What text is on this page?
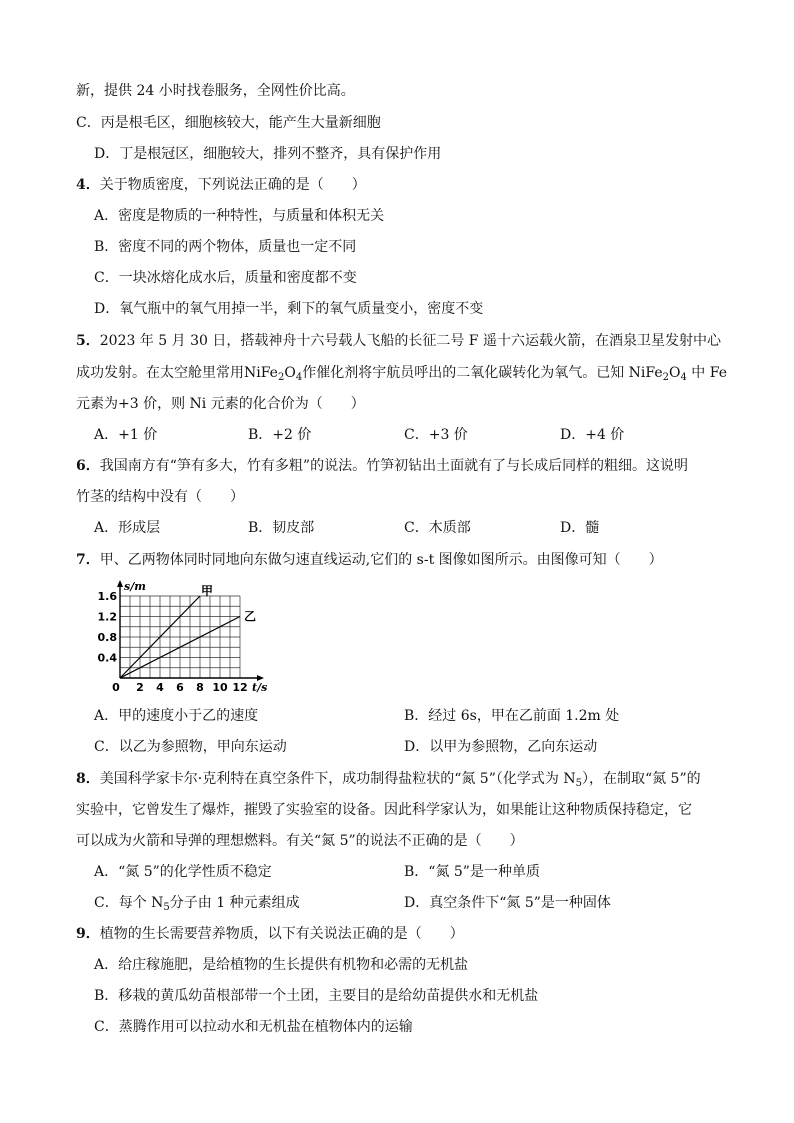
新，提供 24 小时找卷服务，全网性价比高。
C．丙是根毛区，细胞核较大，能产生大量新细胞
D．丁是根冠区，细胞较大，排列不整齐，具有保护作用
4．关于物质密度，下列说法正确的是（　　）
A．密度是物质的一种特性，与质量和体积无关
B．密度不同的两个物体，质量也一定不同
C．一块冰熔化成水后，质量和密度都不变
D．氧气瓶中的氧气用掉一半，剩下的氧气质量变小，密度不变
5．2023 年 5 月 30 日，搭载神舟十六号载人飞船的长征二号 F 遥十六运载火箭，在酒泉卫星发射中心
成功发射。在太空舱里常用$NiFe_2O_4$作催化剂将宇航员呼出的二氧化碳转化为氧气。已知 $NiFe_2O_4$ 中 Fe
元素为+3 价，则 Ni 元素的化合价为（　　）
A．+1 价	B．+2 价	C．+3 价	D．+4 价
6．我国南方有“笋有多大，竹有多粗”的说法。竹笋初钻出土面就有了与长成后同样的粗细。这说明
竹茎的结构中没有（　　）
A．形成层	B．韧皮部	C．木质部	D．髓
7．甲、乙两物体同时同地向东做匀速直线运动,它们的 s-t 图像如图所示。由图像可知（　　）
甲
乙
0 2 4 6 8 10 12
0.4
0.8
1.2
1.6
t/s
s/m
A．甲的速度小于乙的速度	B．经过 6s，甲在乙前面 1.2m 处
C．以乙为参照物，甲向东运动	D．以甲为参照物，乙向东运动
8．美国科学家卡尔·克利特在真空条件下，成功制得盐粒状的“氮 5”（化学式为 $N_5$），在制取“氮 5”的
实验中，它曾发生了爆炸，摧毁了实验室的设备。因此科学家认为，如果能让这种物质保持稳定，它
可以成为火箭和导弹的理想燃料。有关“氮 5”的说法不正确的是（　　）
A．“氮 5”的化学性质不稳定	B．“氮 5”是一种单质
C．每个 $N_5$分子由 1 种元素组成	D．真空条件下“氮 5”是一种固体
9．植物的生长需要营养物质，以下有关说法正确的是（　　）
A．给庄稼施肥，是给植物的生长提供有机物和必需的无机盐
B．移栽的黄瓜幼苗根部带一个土团，主要目的是给幼苗提供水和无机盐
C．蒸腾作用可以拉动水和无机盐在植物体内的运输
